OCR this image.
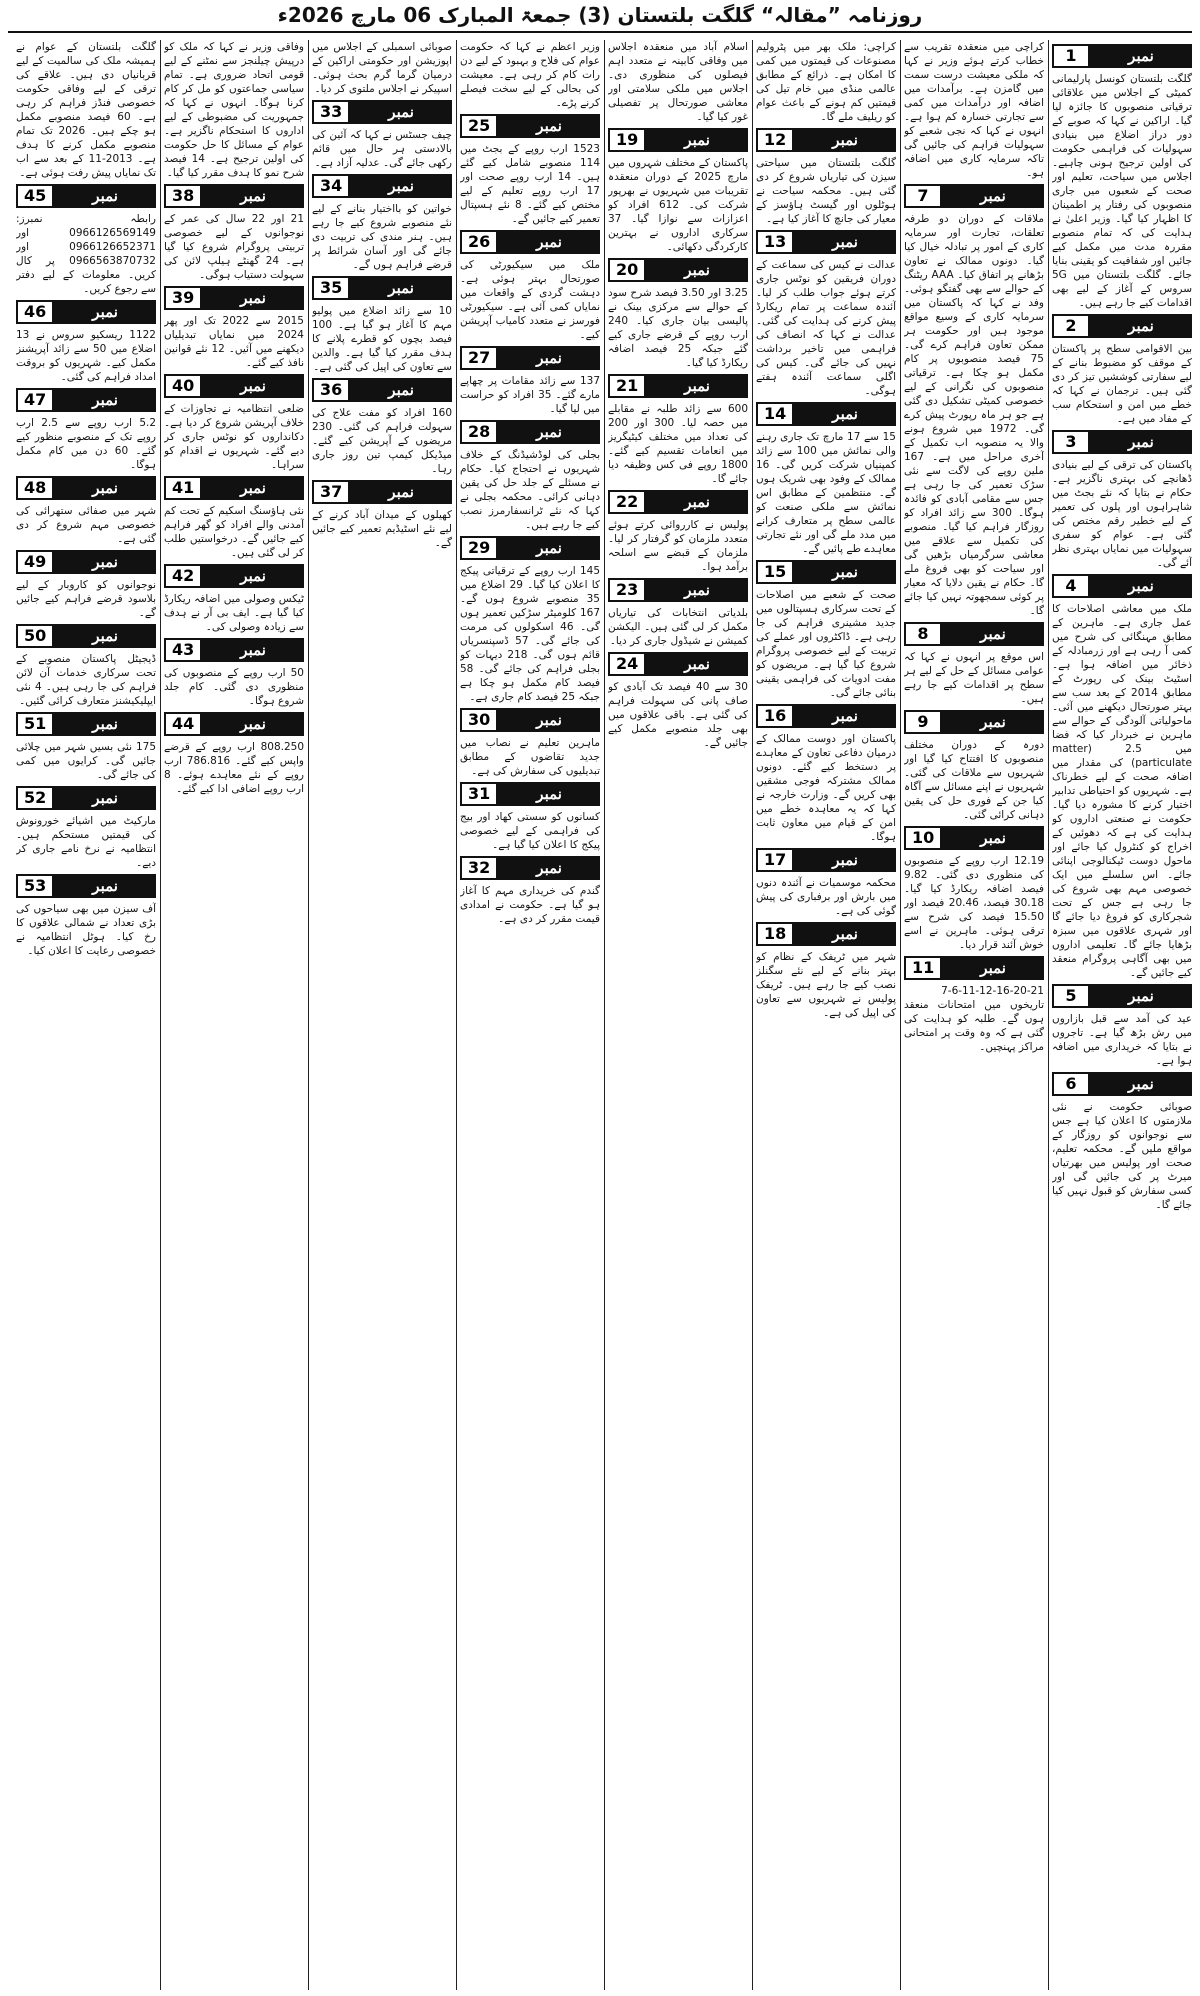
روزنامہ ”مقالہ“ گلگت بلتستان (3) جمعۃ المبارک 06 مارچ 2026ء
1	نمبر

گلگت بلتستان کونسل پارلیمانی کمیٹی کے اجلاس میں علاقائی ترقیاتی منصوبوں کا جائزہ لیا گیا۔ اراکین نے کہا کہ صوبے کے دور دراز اضلاع میں بنیادی سہولیات کی فراہمی حکومت کی اولین ترجیح ہونی چاہیے۔ اجلاس میں سیاحت، تعلیم اور صحت کے شعبوں میں جاری منصوبوں کی رفتار پر اطمینان کا اظہار کیا گیا۔ وزیر اعلیٰ نے ہدایت کی کہ تمام منصوبے مقررہ مدت میں مکمل کیے جائیں اور شفافیت کو یقینی بنایا جائے۔ گلگت بلتستان میں 5G سروس کے آغاز کے لیے بھی اقدامات کیے جا رہے ہیں۔

2	نمبر

بین الاقوامی سطح پر پاکستان کے موقف کو مضبوط بنانے کے لیے سفارتی کوششیں تیز کر دی گئی ہیں۔ ترجمان نے کہا کہ خطے میں امن و استحکام سب کے مفاد میں ہے۔

3	نمبر

پاکستان کی ترقی کے لیے بنیادی ڈھانچے کی بہتری ناگزیر ہے۔ حکام نے بتایا کہ نئے بجٹ میں شاہراہوں اور پلوں کی تعمیر کے لیے خطیر رقم مختص کی گئی ہے۔ عوام کو سفری سہولیات میں نمایاں بہتری نظر آئے گی۔

4	نمبر

ملک میں معاشی اصلاحات کا عمل جاری ہے۔ ماہرین کے مطابق مہنگائی کی شرح میں کمی آ رہی ہے اور زرمبادلہ کے ذخائر میں اضافہ ہوا ہے۔ اسٹیٹ بینک کی رپورٹ کے مطابق 2014 کے بعد سب سے بہتر صورتحال دیکھنے میں آئی۔ ماحولیاتی آلودگی کے حوالے سے ماہرین نے خبردار کیا کہ فضا میں 2.5 (matter particulate) کی مقدار میں اضافہ صحت کے لیے خطرناک ہے۔ شہریوں کو احتیاطی تدابیر اختیار کرنے کا مشورہ دیا گیا۔ حکومت نے صنعتی اداروں کو ہدایت کی ہے کہ دھوئیں کے اخراج کو کنٹرول کیا جائے اور ماحول دوست ٹیکنالوجی اپنائی جائے۔ اس سلسلے میں ایک خصوصی مہم بھی شروع کی جا رہی ہے جس کے تحت شجرکاری کو فروغ دیا جائے گا اور شہری علاقوں میں سبزہ بڑھایا جائے گا۔ تعلیمی اداروں میں بھی آگاہی پروگرام منعقد کیے جائیں گے۔

5	نمبر

عید کی آمد سے قبل بازاروں میں رش بڑھ گیا ہے۔ تاجروں نے بتایا کہ خریداری میں اضافہ ہوا ہے۔

6	نمبر

صوبائی حکومت نے نئی ملازمتوں کا اعلان کیا ہے جس سے نوجوانوں کو روزگار کے مواقع ملیں گے۔ محکمہ تعلیم، صحت اور پولیس میں بھرتیاں میرٹ پر کی جائیں گی اور کسی سفارش کو قبول نہیں کیا جائے گا۔

کراچی میں منعقدہ تقریب سے خطاب کرتے ہوئے وزیر نے کہا کہ ملکی معیشت درست سمت میں گامزن ہے۔ برآمدات میں اضافہ اور درآمدات میں کمی سے تجارتی خسارہ کم ہوا ہے۔ انہوں نے کہا کہ نجی شعبے کو سہولیات فراہم کی جائیں گی تاکہ سرمایہ کاری میں اضافہ ہو۔

7	نمبر

ملاقات کے دوران دو طرفہ تعلقات، تجارت اور سرمایہ کاری کے امور پر تبادلہ خیال کیا گیا۔ دونوں ممالک نے تعاون بڑھانے پر اتفاق کیا۔ AAA ریٹنگ کے حوالے سے بھی گفتگو ہوئی۔ وفد نے کہا کہ پاکستان میں سرمایہ کاری کے وسیع مواقع موجود ہیں اور حکومت ہر ممکن تعاون فراہم کرے گی۔ 75 فیصد منصوبوں پر کام مکمل ہو چکا ہے۔ ترقیاتی منصوبوں کی نگرانی کے لیے خصوصی کمیٹی تشکیل دی گئی ہے جو ہر ماہ رپورٹ پیش کرے گی۔ 1972 میں شروع ہونے والا یہ منصوبہ اب تکمیل کے آخری مراحل میں ہے۔ 167 ملین روپے کی لاگت سے نئی سڑک تعمیر کی جا رہی ہے جس سے مقامی آبادی کو فائدہ ہوگا۔ 300 سے زائد افراد کو روزگار فراہم کیا گیا۔ منصوبے کی تکمیل سے علاقے میں معاشی سرگرمیاں بڑھیں گی اور سیاحت کو بھی فروغ ملے گا۔ حکام نے یقین دلایا کہ معیار پر کوئی سمجھوتہ نہیں کیا جائے گا۔

8	نمبر

اس موقع پر انہوں نے کہا کہ عوامی مسائل کے حل کے لیے ہر سطح پر اقدامات کیے جا رہے ہیں۔

9	نمبر

دورہ کے دوران مختلف منصوبوں کا افتتاح کیا گیا اور شہریوں سے ملاقات کی گئی۔ شہریوں نے اپنے مسائل سے آگاہ کیا جن کے فوری حل کی یقین دہانی کرائی گئی۔

10	نمبر

12.19 ارب روپے کے منصوبوں کی منظوری دی گئی۔ 9.82 فیصد اضافہ ریکارڈ کیا گیا۔ 30.18 فیصد، 20.46 فیصد اور 15.50 فیصد کی شرح سے ترقی ہوئی۔ ماہرین نے اسے خوش آئند قرار دیا۔

11	نمبر

7-6-11-12-16-20-21 تاریخوں میں امتحانات منعقد ہوں گے۔ طلبہ کو ہدایت کی گئی ہے کہ وہ وقت پر امتحانی مراکز پہنچیں۔

کراچی: ملک بھر میں پٹرولیم مصنوعات کی قیمتوں میں کمی کا امکان ہے۔ ذرائع کے مطابق عالمی منڈی میں خام تیل کی قیمتیں کم ہونے کے باعث عوام کو ریلیف ملے گا۔

12	نمبر

گلگت بلتستان میں سیاحتی سیزن کی تیاریاں شروع کر دی گئی ہیں۔ محکمہ سیاحت نے ہوٹلوں اور گیسٹ ہاؤسز کے معیار کی جانچ کا آغاز کیا ہے۔

13	نمبر

عدالت نے کیس کی سماعت کے دوران فریقین کو نوٹس جاری کرتے ہوئے جواب طلب کر لیا۔ آئندہ سماعت پر تمام ریکارڈ پیش کرنے کی ہدایت کی گئی۔ عدالت نے کہا کہ انصاف کی فراہمی میں تاخیر برداشت نہیں کی جائے گی۔ کیس کی اگلی سماعت آئندہ ہفتے ہوگی۔

14	نمبر

15 سے 17 مارچ تک جاری رہنے والی نمائش میں 100 سے زائد کمپنیاں شرکت کریں گی۔ 16 ممالک کے وفود بھی شریک ہوں گے۔ منتظمین کے مطابق اس نمائش سے ملکی صنعت کو عالمی سطح پر متعارف کرانے میں مدد ملے گی اور نئے تجارتی معاہدے طے پائیں گے۔

15	نمبر

صحت کے شعبے میں اصلاحات کے تحت سرکاری ہسپتالوں میں جدید مشینری فراہم کی جا رہی ہے۔ ڈاکٹروں اور عملے کی تربیت کے لیے خصوصی پروگرام شروع کیا گیا ہے۔ مریضوں کو مفت ادویات کی فراہمی یقینی بنائی جائے گی۔

16	نمبر

پاکستان اور دوست ممالک کے درمیان دفاعی تعاون کے معاہدے پر دستخط کیے گئے۔ دونوں ممالک مشترکہ فوجی مشقیں بھی کریں گے۔ وزارت خارجہ نے کہا کہ یہ معاہدہ خطے میں امن کے قیام میں معاون ثابت ہوگا۔

17	نمبر

محکمہ موسمیات نے آئندہ دنوں میں بارش اور برفباری کی پیش گوئی کی ہے۔

18	نمبر

شہر میں ٹریفک کے نظام کو بہتر بنانے کے لیے نئے سگنلز نصب کیے جا رہے ہیں۔ ٹریفک پولیس نے شہریوں سے تعاون کی اپیل کی ہے۔

اسلام آباد میں منعقدہ اجلاس میں وفاقی کابینہ نے متعدد اہم فیصلوں کی منظوری دی۔ اجلاس میں ملکی سلامتی اور معاشی صورتحال پر تفصیلی غور کیا گیا۔

19	نمبر

پاکستان کے مختلف شہروں میں مارچ 2025 کے دوران منعقدہ تقریبات میں شہریوں نے بھرپور شرکت کی۔ 612 افراد کو اعزازات سے نوازا گیا۔ 37 سرکاری اداروں نے بہترین کارکردگی دکھائی۔

20	نمبر

3.25 اور 3.50 فیصد شرح سود کے حوالے سے مرکزی بینک نے پالیسی بیان جاری کیا۔ 240 ارب روپے کے قرضے جاری کیے گئے جبکہ 25 فیصد اضافہ ریکارڈ کیا گیا۔

21	نمبر

600 سے زائد طلبہ نے مقابلے میں حصہ لیا۔ 300 اور 200 کی تعداد میں مختلف کیٹیگریز میں انعامات تقسیم کیے گئے۔ 1800 روپے فی کس وظیفہ دیا جائے گا۔

22	نمبر

پولیس نے کارروائی کرتے ہوئے متعدد ملزمان کو گرفتار کر لیا۔ ملزمان کے قبضے سے اسلحہ برآمد ہوا۔

23	نمبر

بلدیاتی انتخابات کی تیاریاں مکمل کر لی گئی ہیں۔ الیکشن کمیشن نے شیڈول جاری کر دیا۔

24	نمبر

30 سے 40 فیصد تک آبادی کو صاف پانی کی سہولت فراہم کی گئی ہے۔ باقی علاقوں میں بھی جلد منصوبے مکمل کیے جائیں گے۔

وزیر اعظم نے کہا کہ حکومت عوام کی فلاح و بہبود کے لیے دن رات کام کر رہی ہے۔ معیشت کی بحالی کے لیے سخت فیصلے کرنے پڑے۔

25	نمبر

1523 ارب روپے کے بجٹ میں 114 منصوبے شامل کیے گئے ہیں۔ 14 ارب روپے صحت اور 17 ارب روپے تعلیم کے لیے مختص کیے گئے۔ 8 نئے ہسپتال تعمیر کیے جائیں گے۔

26	نمبر

ملک میں سیکیورٹی کی صورتحال بہتر ہوئی ہے۔ دہشت گردی کے واقعات میں نمایاں کمی آئی ہے۔ سیکیورٹی فورسز نے متعدد کامیاب آپریشن کیے۔

27	نمبر

137 سے زائد مقامات پر چھاپے مارے گئے۔ 35 افراد کو حراست میں لیا گیا۔

28	نمبر

بجلی کی لوڈشیڈنگ کے خلاف شہریوں نے احتجاج کیا۔ حکام نے مسئلے کے جلد حل کی یقین دہانی کرائی۔ محکمہ بجلی نے کہا کہ نئے ٹرانسفارمرز نصب کیے جا رہے ہیں۔

29	نمبر

145 ارب روپے کے ترقیاتی پیکج کا اعلان کیا گیا۔ 29 اضلاع میں 35 منصوبے شروع ہوں گے۔ 167 کلومیٹر سڑکیں تعمیر ہوں گی۔ 46 اسکولوں کی مرمت کی جائے گی۔ 57 ڈسپنسریاں قائم ہوں گی۔ 218 دیہات کو بجلی فراہم کی جائے گی۔ 58 فیصد کام مکمل ہو چکا ہے جبکہ 25 فیصد کام جاری ہے۔

30	نمبر

ماہرین تعلیم نے نصاب میں جدید تقاضوں کے مطابق تبدیلیوں کی سفارش کی ہے۔

31	نمبر

کسانوں کو سستی کھاد اور بیج کی فراہمی کے لیے خصوصی پیکج کا اعلان کیا گیا ہے۔

32	نمبر

گندم کی خریداری مہم کا آغاز ہو گیا ہے۔ حکومت نے امدادی قیمت مقرر کر دی ہے۔

صوبائی اسمبلی کے اجلاس میں اپوزیشن اور حکومتی اراکین کے درمیان گرما گرم بحث ہوئی۔ اسپیکر نے اجلاس ملتوی کر دیا۔

33	نمبر

چیف جسٹس نے کہا کہ آئین کی بالادستی ہر حال میں قائم رکھی جائے گی۔ عدلیہ آزاد ہے۔

34	نمبر

خواتین کو بااختیار بنانے کے لیے نئے منصوبے شروع کیے جا رہے ہیں۔ ہنر مندی کی تربیت دی جائے گی اور آسان شرائط پر قرضے فراہم ہوں گے۔

35	نمبر

10 سے زائد اضلاع میں پولیو مہم کا آغاز ہو گیا ہے۔ 100 فیصد بچوں کو قطرے پلانے کا ہدف مقرر کیا گیا ہے۔ والدین سے تعاون کی اپیل کی گئی ہے۔

36	نمبر

160 افراد کو مفت علاج کی سہولت فراہم کی گئی۔ 230 مریضوں کے آپریشن کیے گئے۔ میڈیکل کیمپ تین روز جاری رہا۔

37	نمبر

کھیلوں کے میدان آباد کرنے کے لیے نئے اسٹیڈیم تعمیر کیے جائیں گے۔

وفاقی وزیر نے کہا کہ ملک کو درپیش چیلنجز سے نمٹنے کے لیے قومی اتحاد ضروری ہے۔ تمام سیاسی جماعتوں کو مل کر کام کرنا ہوگا۔ انہوں نے کہا کہ جمہوریت کی مضبوطی کے لیے اداروں کا استحکام ناگزیر ہے۔ عوام کے مسائل کا حل حکومت کی اولین ترجیح ہے۔ 14 فیصد شرح نمو کا ہدف مقرر کیا گیا۔

38	نمبر

21 اور 22 سال کی عمر کے نوجوانوں کے لیے خصوصی تربیتی پروگرام شروع کیا گیا ہے۔ 24 گھنٹے ہیلپ لائن کی سہولت دستیاب ہوگی۔

39	نمبر

2015 سے 2022 تک اور پھر 2024 میں نمایاں تبدیلیاں دیکھنے میں آئیں۔ 12 نئے قوانین نافذ کیے گئے۔

40	نمبر

ضلعی انتظامیہ نے تجاوزات کے خلاف آپریشن شروع کر دیا ہے۔ دکانداروں کو نوٹس جاری کر دیے گئے۔ شہریوں نے اقدام کو سراہا۔

41	نمبر

نئی ہاؤسنگ اسکیم کے تحت کم آمدنی والے افراد کو گھر فراہم کیے جائیں گے۔ درخواستیں طلب کر لی گئی ہیں۔

42	نمبر

ٹیکس وصولی میں اضافہ ریکارڈ کیا گیا ہے۔ ایف بی آر نے ہدف سے زیادہ وصولی کی۔

43	نمبر

50 ارب روپے کے منصوبوں کی منظوری دی گئی۔ کام جلد شروع ہوگا۔

44	نمبر

808.250 ارب روپے کے قرضے واپس کیے گئے۔ 786.816 ارب روپے کے نئے معاہدے ہوئے۔ 8 ارب روپے اضافی ادا کیے گئے۔

گلگت بلتستان کے عوام نے ہمیشہ ملک کی سالمیت کے لیے قربانیاں دی ہیں۔ علاقے کی ترقی کے لیے وفاقی حکومت خصوصی فنڈز فراہم کر رہی ہے۔ 60 فیصد منصوبے مکمل ہو چکے ہیں۔ 2026 تک تمام منصوبے مکمل کرنے کا ہدف ہے۔ 2013-11 کے بعد سے اب تک نمایاں پیش رفت ہوئی ہے۔

45	نمبر

رابطہ نمبرز: 0966126569149 اور 0966126652371 اور 0966563870732 پر کال کریں۔ معلومات کے لیے دفتر سے رجوع کریں۔

46	نمبر

1122 ریسکیو سروس نے 13 اضلاع میں 50 سے زائد آپریشنز مکمل کیے۔ شہریوں کو بروقت امداد فراہم کی گئی۔

47	نمبر

5.2 ارب روپے سے 2.5 ارب روپے تک کے منصوبے منظور کیے گئے۔ 60 دن میں کام مکمل ہوگا۔

48	نمبر

شہر میں صفائی ستھرائی کی خصوصی مہم شروع کر دی گئی ہے۔

49	نمبر

نوجوانوں کو کاروبار کے لیے بلاسود قرضے فراہم کیے جائیں گے۔

50	نمبر

ڈیجیٹل پاکستان منصوبے کے تحت سرکاری خدمات آن لائن فراہم کی جا رہی ہیں۔ 4 نئی ایپلیکیشنز متعارف کرائی گئیں۔

51	نمبر

175 نئی بسیں شہر میں چلائی جائیں گی۔ کرایوں میں کمی کی جائے گی۔

52	نمبر

مارکیٹ میں اشیائے خورونوش کی قیمتیں مستحکم ہیں۔ انتظامیہ نے نرخ نامے جاری کر دیے۔

53	نمبر

آف سیزن میں بھی سیاحوں کی بڑی تعداد نے شمالی علاقوں کا رخ کیا۔ ہوٹل انتظامیہ نے خصوصی رعایت کا اعلان کیا۔
